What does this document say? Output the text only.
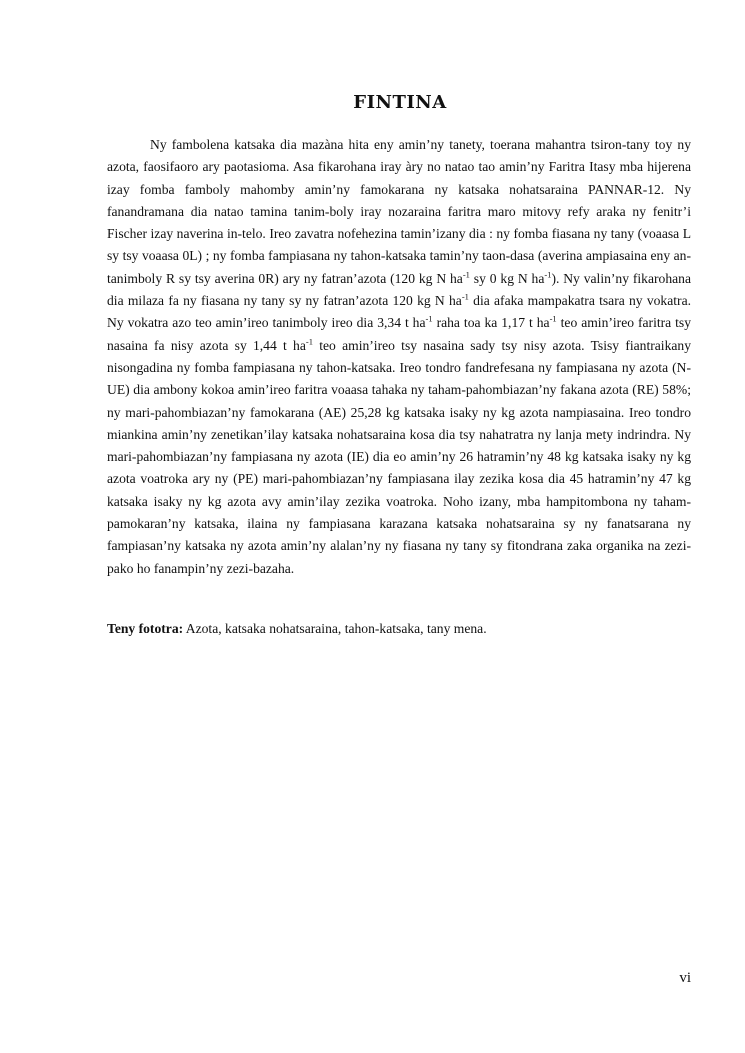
FINTINA

Ny fambolena katsaka dia mazàna hita eny amin’ny tanety, toerana mahantra tsiron-tany toy ny azota, faosifaoro ary paotasioma. Asa fikarohana iray àry no natao tao amin’ny Faritra Itasy mba hijerena izay fomba famboly mahomby amin’ny famokarana ny katsaka nohatsaraina PANNAR-12. Ny fanandramana dia natao tamina tanim-boly iray nozaraina faritra maro mitovy refy araka ny fenitr’i Fischer izay naverina in-telo. Ireo zavatra nofehezina tamin’izany dia : ny fomba fiasana ny tany (voaasa L sy tsy voaasa 0L) ; ny fomba fampiasana ny tahon-katsaka tamin’ny taon-dasa (averina ampiasaina eny an-tanimboly R sy tsy averina 0R) ary ny fatran’azota (120 kg N $ha^{-1}$ sy 0 kg N $ha^{-1}$). Ny valin’ny fikarohana dia milaza fa ny fiasana ny tany sy ny fatran’azota 120 kg N $ha^{-1}$ dia afaka mampakatra tsara ny vokatra. Ny vokatra azo teo amin’ireo tanimboly ireo dia 3,34 t $ha^{-1}$ raha toa ka 1,17 t $ha^{-1}$ teo amin’ireo faritra tsy nasaina fa nisy azota sy 1,44 t $ha^{-1}$ teo amin’ireo tsy nasaina sady tsy nisy azota. Tsisy fiantraikany nisongadina ny fomba fampiasana ny tahon-katsaka. Ireo tondro fandrefesana ny fampiasana ny azota (N-UE) dia ambony kokoa amin’ireo faritra voaasa tahaka ny taham-pahombiazan’ny fakana azota (RE) 58%; ny mari-pahombiazan’ny famokarana (AE) 25,28 kg katsaka isaky ny kg azota nampiasaina. Ireo tondro miankina amin’ny zenetikan’ilay katsaka nohatsaraina kosa dia tsy nahatratra ny lanja mety indrindra. Ny mari-pahombiazan’ny fampiasana ny azota (IE) dia eo amin’ny 26 hatramin’ny 48 kg katsaka isaky ny kg azota voatroka ary ny (PE) mari-pahombiazan’ny fampiasana ilay zezika kosa dia 45 hatramin’ny 47 kg katsaka isaky ny kg azota avy amin’ilay zezika voatroka. Noho izany, mba hampitombona ny taham-pamokaran’ny katsaka, ilaina ny fampiasana karazana katsaka nohatsaraina sy ny fanatsarana ny fampiasan’ny katsaka ny azota amin’ny alalan’ny ny fiasana ny tany sy fitondrana zaka organika na zezi-pako ho fanampin’ny zezi-bazaha.

Teny fototra: Azota, katsaka nohatsaraina, tahon-katsaka, tany mena.

vi
